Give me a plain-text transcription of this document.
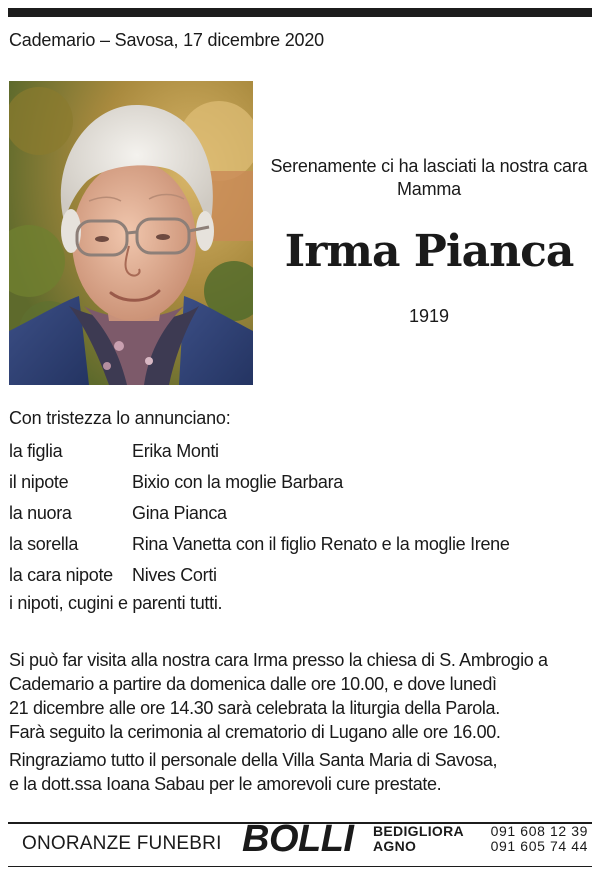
Cademario – Savosa, 17 dicembre 2020
Serenamente ci ha lasciati la nostra cara Mamma
Irma Pianca
1919
Con tristezza lo annunciano:
la figlia	Erika Monti
il nipote	Bixio con la moglie Barbara
la nuora	Gina Pianca
la sorella	Rina Vanetta con il figlio Renato e la moglie Irene
la cara nipote	Nives Corti
i nipoti, cugini e parenti tutti.

Si può far visita alla nostra cara Irma presso la chiesa di S. Ambrogio a
Cademario a partire da domenica dalle ore 10.00, e dove lunedì
21 dicembre alle ore 14.30 sarà celebrata la liturgia della Parola.
Farà seguito la cerimonia al crematorio di Lugano alle ore 16.00.

Ringraziamo tutto il personale della Villa Santa Maria di Savosa,
e la dott.ssa Ioana Sabau per le amorevoli cure prestate.

ONORANZE FUNEBRI BOLLI BEDIGLIORA 091 608 12 39
AGNO	091 605 74 44
